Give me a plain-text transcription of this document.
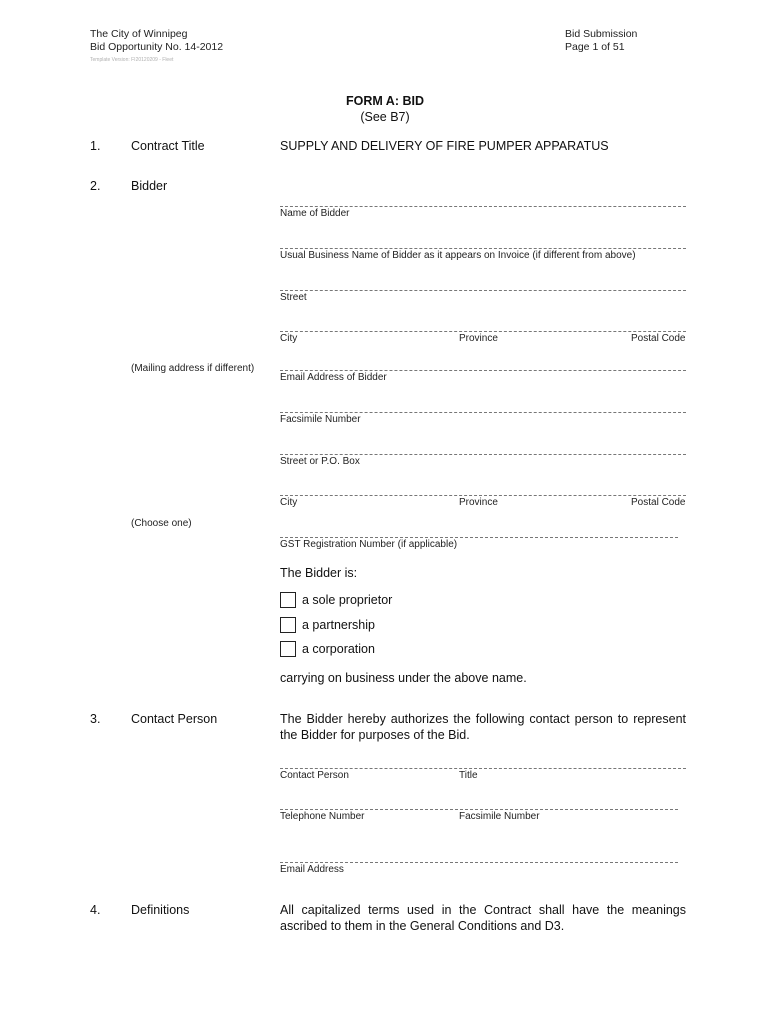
The City of Winnipeg
Bid Opportunity No. 14-2012
Template Version: FI20120209 - Fleet
Bid Submission
Page 1 of 51
FORM A: BID
(See B7)
1. Contract Title	SUPPLY AND DELIVERY OF FIRE PUMPER APPARATUS
2. Bidder
Name of Bidder
Usual Business Name of Bidder as it appears on Invoice (if different from above)
Street
City	Province	Postal Code
(Mailing address if different)
Email Address of Bidder
Facsimile Number
Street or P.O. Box
City	Province	Postal Code
(Choose one)
GST Registration Number (if applicable)
The Bidder is:
a sole proprietor
a partnership
a corporation
carrying on business under the above name.
3. Contact Person	The Bidder hereby authorizes the following contact person to represent the Bidder for purposes of the Bid.
Contact Person	Title
Telephone Number	Facsimile Number
Email Address
4. Definitions	All capitalized terms used in the Contract shall have the meanings ascribed to them in the General Conditions and D3.
